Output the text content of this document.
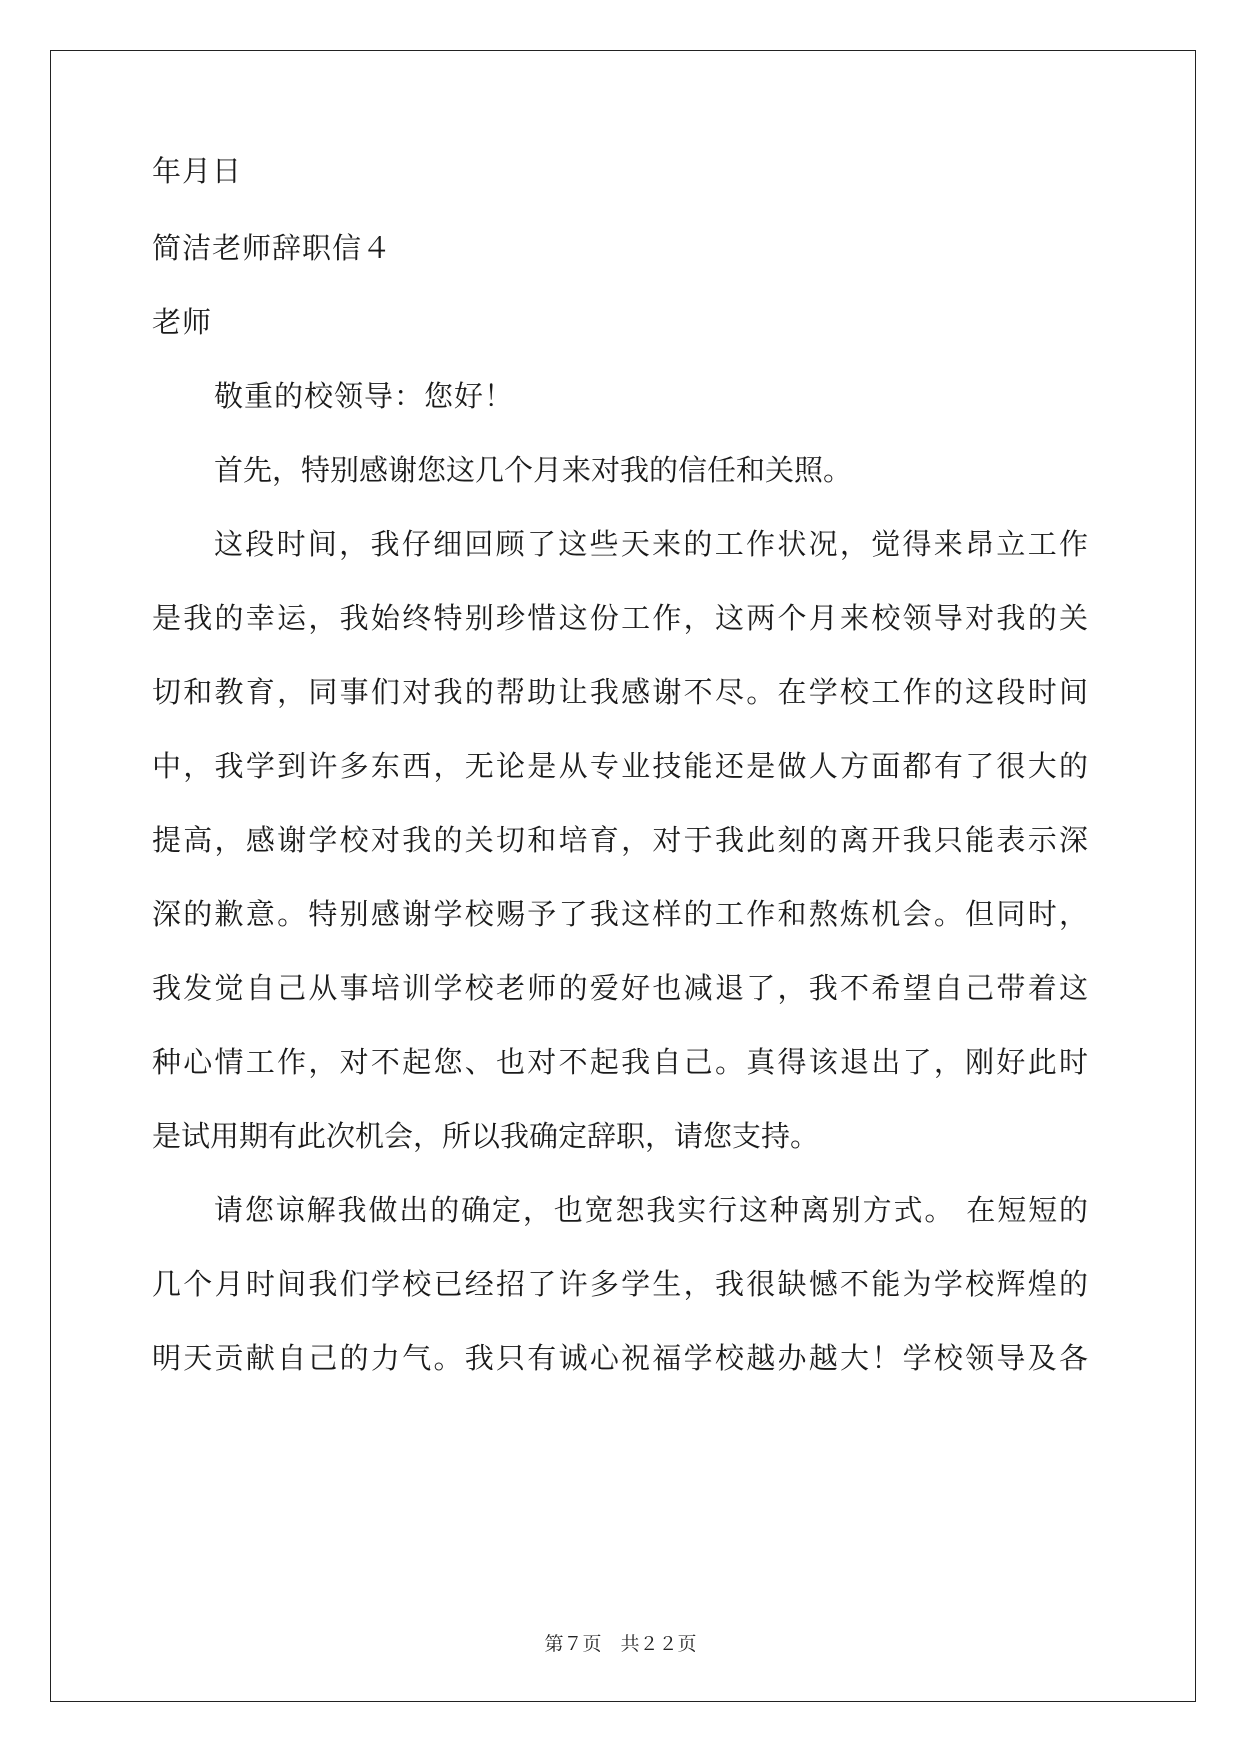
年月日
简洁老师辞职信４
老师
敬重的校领导：您好！
首先，特别感谢您这几个月来对我的信任和关照。
这段时间，我仔细回顾了这些天来的工作状况，觉得来昂立工作
是我的幸运，我始终特别珍惜这份工作，这两个月来校领导对我的关
切和教育，同事们对我的帮助让我感谢不尽。在学校工作的这段时间
中，我学到许多东西，无论是从专业技能还是做人方面都有了很大的
提高，感谢学校对我的关切和培育，对于我此刻的离开我只能表示深
深的歉意。特别感谢学校赐予了我这样的工作和熬炼机会。但同时，
我发觉自己从事培训学校老师的爱好也减退了，我不希望自己带着这
种心情工作，对不起您、也对不起我自己。真得该退出了，刚好此时
是试用期有此次机会，所以我确定辞职，请您支持。
请您谅解我做出的确定，也宽恕我实行这种离别方式。 在短短的
几个月时间我们学校已经招了许多学生，我很缺憾不能为学校辉煌的
明天贡献自己的力气。我只有诚心祝福学校越办越大！学校领导及各
第７页　共２２页
